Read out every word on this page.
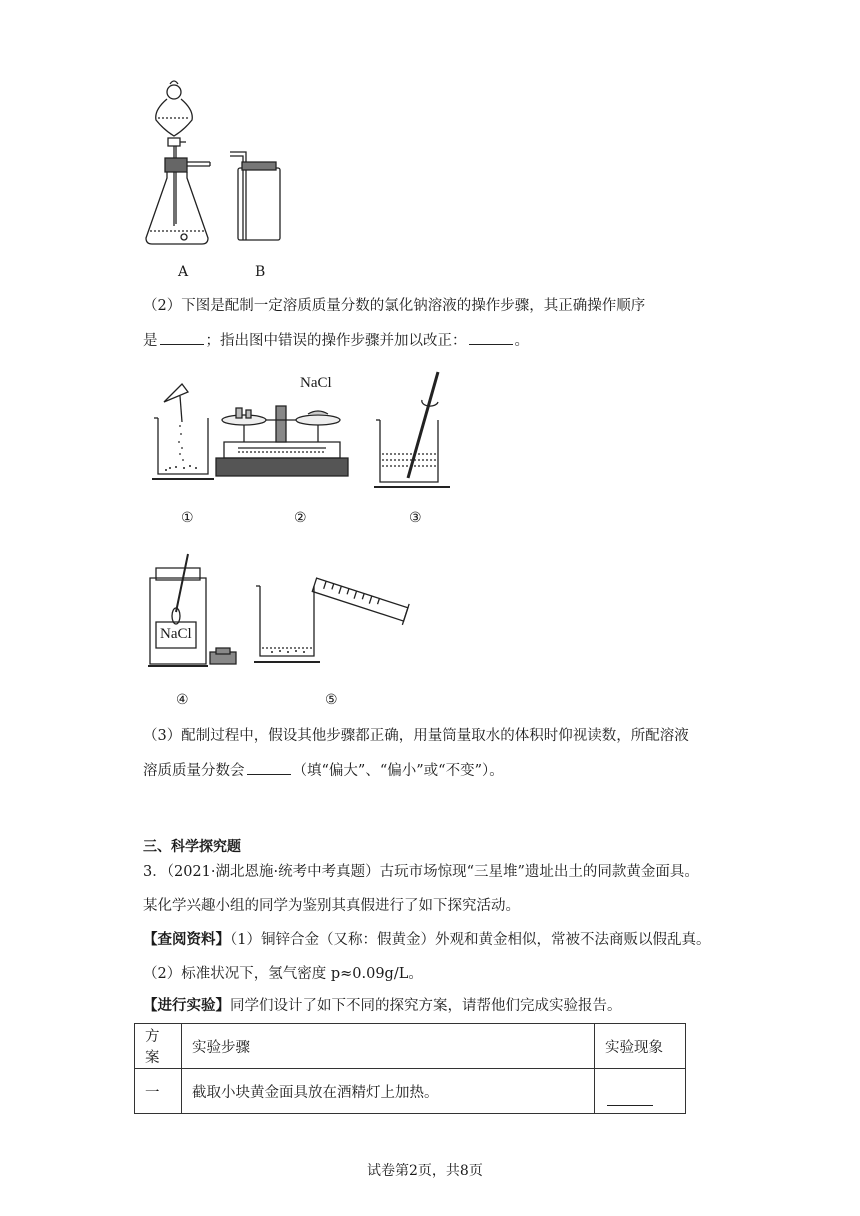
A	B
（2）下图是配制一定溶质质量分数的氯化钠溶液的操作步骤，其正确操作顺序
是	；指出图中错误的操作步骤并加以改正：	。
NaCl
①	②	③
NaCl
④	⑤
（3）配制过程中，假设其他步骤都正确，用量筒量取水的体积时仰视读数，所配溶液
溶质质量分数会	（填“偏大”、“偏小”或“不变”）。
三、科学探究题
3．（2021·湖北恩施·统考中考真题）古玩市场惊现“三星堆”遗址出土的同款黄金面具。
某化学兴趣小组的同学为鉴别其真假进行了如下探究活动。
【查阅资料】（1）铜锌合金（又称：假黄金）外观和黄金相似，常被不法商贩以假乱真。
（2）标准状况下，氢气密度 p≈0.09g/L。
【进行实验】同学们设计了如下不同的探究方案，请帮他们完成实验报告。
方案	实验步骤	实验现象
一	截取小块黄金面具放在酒精灯上加热。	
试卷第2页，共8页
